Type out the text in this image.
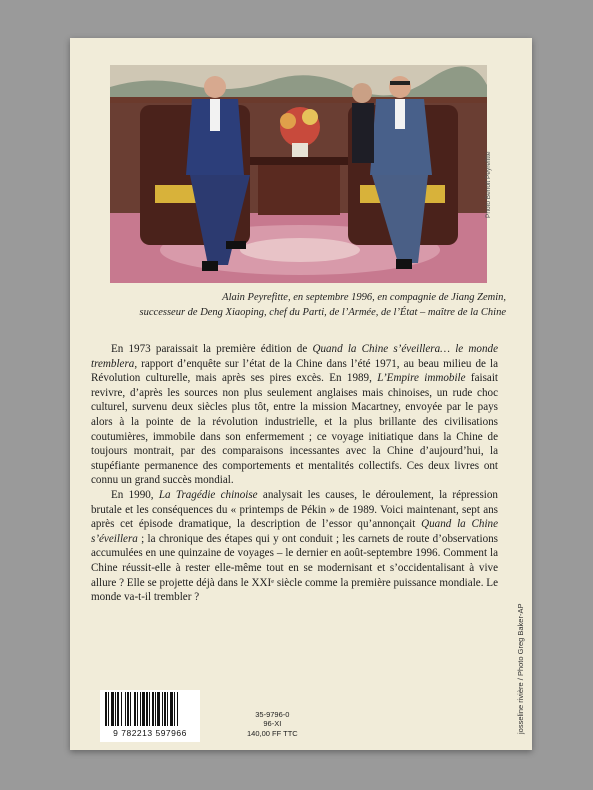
Photo Benoit Peyrefitte
Alain Peyrefitte, en septembre 1996, en compagnie de Jiang Zemin,
successeur de Deng Xiaoping, chef du Parti, de l’Armée, de l’État – maître de la Chine

En 1973 paraissait la première édition de Quand la Chine s’éveillera… le monde tremblera, rapport d’enquête sur l’état de la Chine dans l’été 1971, au beau milieu de la Révolution culturelle, mais après ses pires excès. En 1989, L’Empire immobile faisait revivre, d’après les sources non plus seulement anglaises mais chinoises, un rude choc culturel, survenu deux siècles plus tôt, entre la mission Macartney, envoyée par le pays alors à la pointe de la révolution industrielle, et la plus brillante des civilisations coutumières, immobile dans son enfermement ; ce voyage initiatique dans la Chine de toujours montrait, par des comparaisons incessantes avec la Chine d’aujourd’hui, la stupéfiante permanence des comportements et mentalités collectifs. Ces deux livres ont connu un grand succès mondial.

En 1990, La Tragédie chinoise analysait les causes, le déroulement, la répression brutale et les conséquences du « printemps de Pékin » de 1989. Voici maintenant, sept ans après cet épisode dramatique, la description de l’essor qu’annonçait Quand la Chine s’éveillera ; la chronique des étapes qui y ont conduit ; les carnets de route d’observations accumulées en une quinzaine de voyages – le dernier en août-septembre 1996. Comment la Chine réussit-elle à rester elle-même tout en se modernisant et s’occidentalisant à vive allure ? Elle se projette déjà dans le XXIᵉ siècle comme la première puissance mondiale. Le monde va-t-il trembler ?

josseline rivière / Photo Greg Baker-AP
9 782213 597966
35-9796-0
96-XI
140,00 FF TTC
